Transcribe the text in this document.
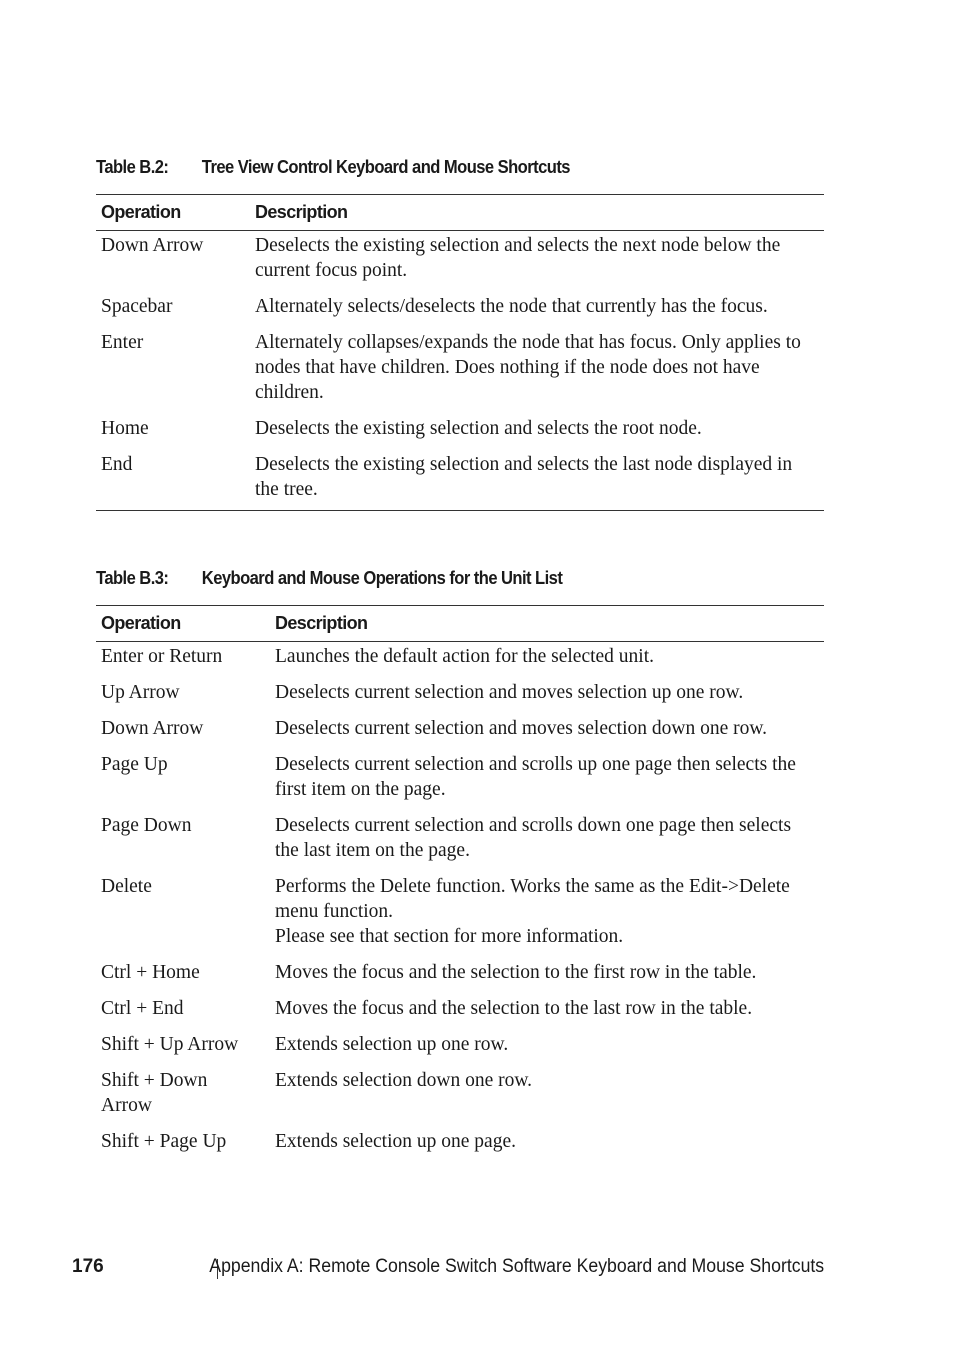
Table B.2: Tree View Control Keyboard and Mouse Shortcuts
Operation	Description
Down Arrow	Deselects the existing selection and selects the next node below the current focus point.
Spacebar	Alternately selects/deselects the node that currently has the focus.
Enter	Alternately collapses/expands the node that has focus. Only applies to nodes that have children. Does nothing if the node does not have children.
Home	Deselects the existing selection and selects the root node.
End	Deselects the existing selection and selects the last node displayed in the tree.
Table B.3: Keyboard and Mouse Operations for the Unit List
Operation	Description
Enter or Return	Launches the default action for the selected unit.
Up Arrow	Deselects current selection and moves selection up one row.
Down Arrow	Deselects current selection and moves selection down one row.
Page Up	Deselects current selection and scrolls up one page then selects the first item on the page.
Page Down	Deselects current selection and scrolls down one page then selects the last item on the page.
Delete	Performs the Delete function. Works the same as the Edit->Delete menu function.
Please see that section for more information.

Ctrl + Home	Moves the focus and the selection to the first row in the table.
Ctrl + End	Moves the focus and the selection to the last row in the table.
Shift + Up Arrow	Extends selection up one row.
Shift + Down Arrow	Extends selection down one row.
Shift + Page Up	Extends selection up one page.
176	Appendix A: Remote Console Switch Software Keyboard and Mouse Shortcuts
